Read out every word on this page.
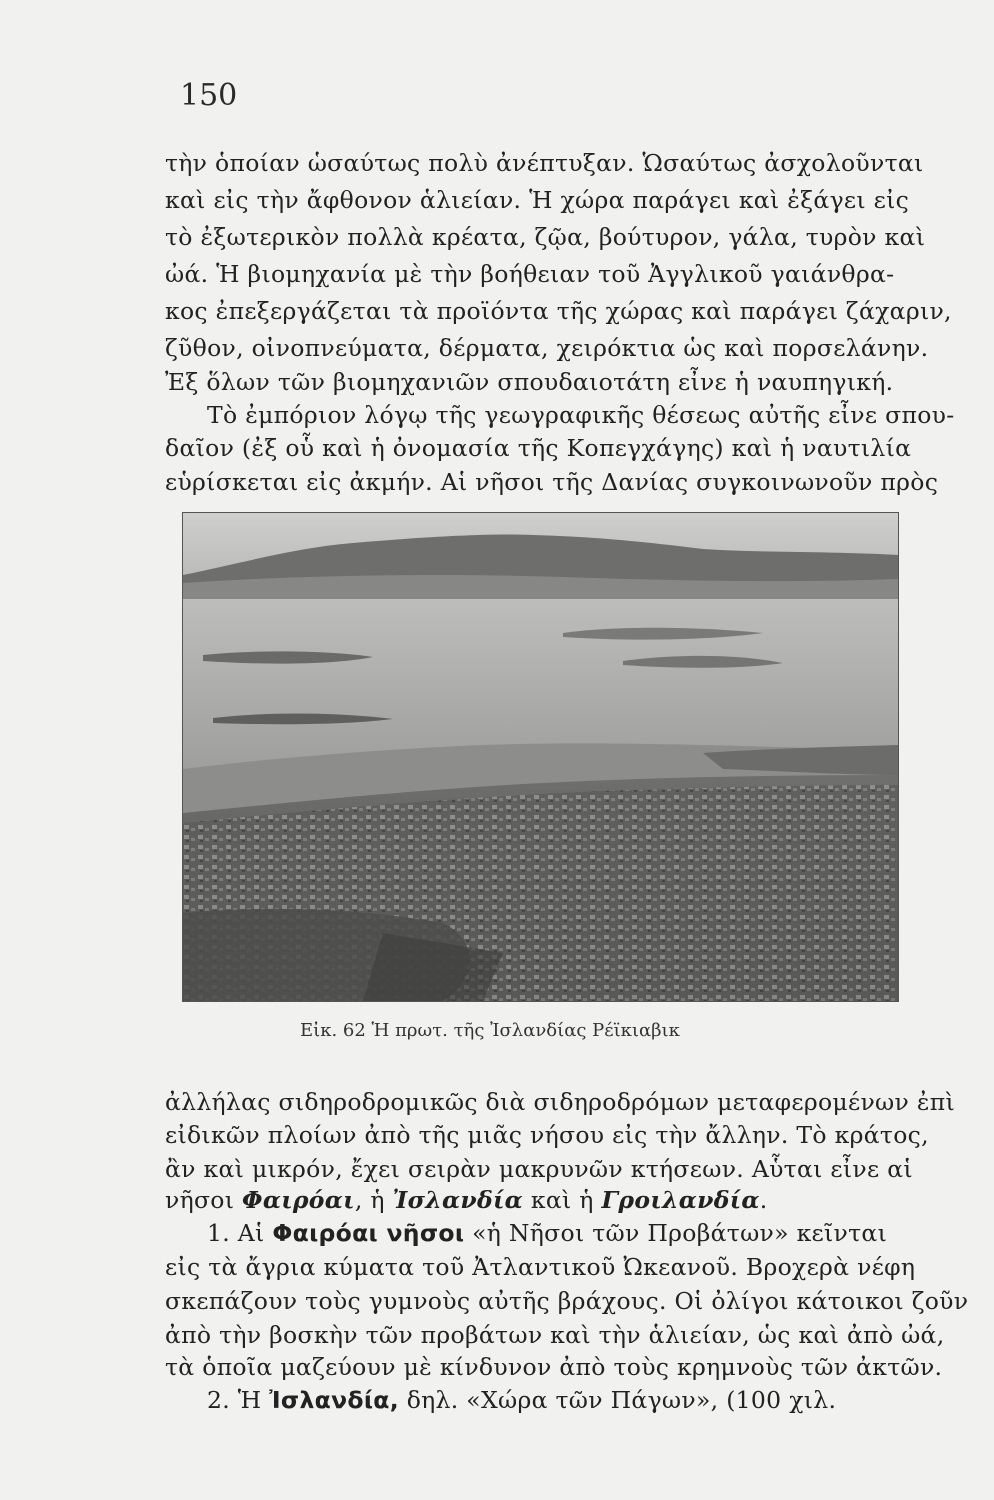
150
τὴν ὁποίαν ὡσαύτως πολὺ ἀνέπτυξαν. Ὡσαύτως ἀσχολοῦνται
καὶ εἰς τὴν ἄφθονον ἁλιείαν. Ἡ χώρα παράγει καὶ ἐξάγει εἰς
τὸ ἐξωτερικὸν πολλὰ κρέατα, ζῷα, βούτυρον, γάλα, τυρὸν καὶ
ὠά. Ἡ βιομηχανία μὲ τὴν βοήθειαν τοῦ Ἀγγλικοῦ γαιάνθρα-
κος ἐπεξεργάζεται τὰ προϊόντα τῆς χώρας καὶ παράγει ζάχαριν,
ζῦθον, οἰνοπνεύματα, δέρματα, χειρόκτια ὡς καὶ πορσελάνην.
Ἐξ ὅλων τῶν βιομηχανιῶν σπουδαιοτάτη εἶνε ἡ ναυπηγική.
Τὸ ἐμπόριον λόγῳ τῆς γεωγραφικῆς θέσεως αὐτῆς εἶνε σπου-
δαῖον (ἐξ οὗ καὶ ἡ ὀνομασία τῆς Κοπεγχάγης) καὶ ἡ ναυτιλία
εὑρίσκεται εἰς ἀκμήν. Αἱ νῆσοι τῆς Δανίας συγκοινωνοῦν πρὸς
Εἰκ. 62 Ἡ πρωτ. τῆς Ἰσλανδίας Ρέϊκιαβικ
ἀλλήλας σιδηροδρομικῶς διὰ σιδηροδρόμων μεταφερομένων ἐπὶ
εἰδικῶν πλοίων ἀπὸ τῆς μιᾶς νήσου εἰς τὴν ἄλλην. Τὸ κράτος,
ἂν καὶ μικρόν, ἔχει σειρὰν μακρυνῶν κτήσεων. Αὗται εἶνε αἱ
νῆσοι Φαιρόαι, ἡ Ἰσλανδία καὶ ἡ Γροιλανδία.
1. Αἱ Φαιρόαι νῆσοι «ἡ Νῆσοι τῶν Προβάτων» κεῖνται
εἰς τὰ ἄγρια κύματα τοῦ Ἀτλαντικοῦ Ὠκεανοῦ. Βροχερὰ νέφη
σκεπάζουν τοὺς γυμνοὺς αὐτῆς βράχους. Οἱ ὀλίγοι κάτοικοι ζοῦν
ἀπὸ τὴν βοσκὴν τῶν προβάτων καὶ τὴν ἁλιείαν, ὡς καὶ ἀπὸ ὠά,
τὰ ὁποῖα μαζεύουν μὲ κίνδυνον ἀπὸ τοὺς κρημνοὺς τῶν ἀκτῶν.
2. Ἡ Ἰσλανδία, δηλ. «Χώρα τῶν Πάγων», (100 χιλ.
